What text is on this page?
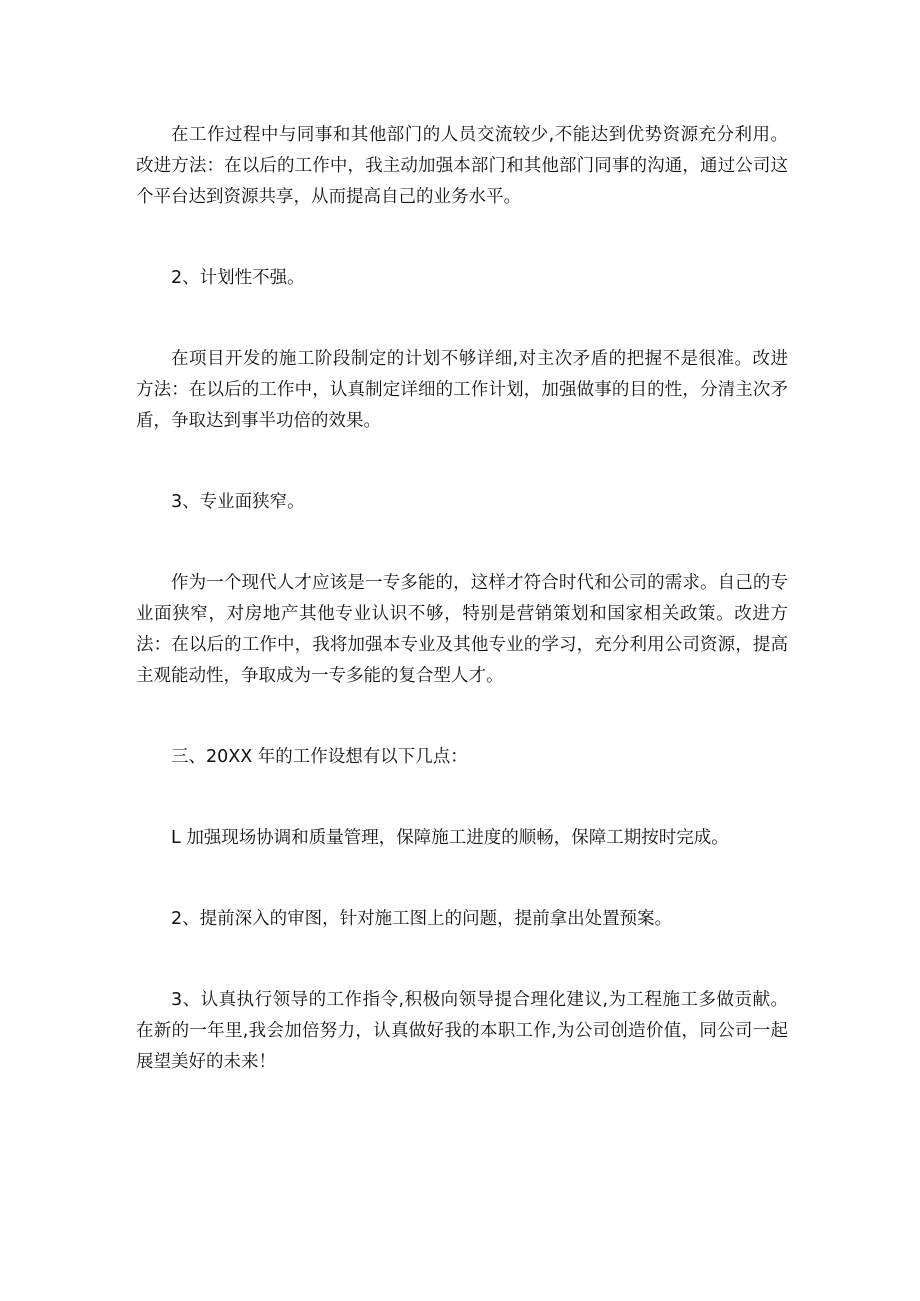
在工作过程中与同事和其他部门的人员交流较少,不能达到优势资源充分利用。改进方法：在以后的工作中，我主动加强本部门和其他部门同事的沟通，通过公司这个平台达到资源共享，从而提高自己的业务水平。

2、计划性不强。

在项目开发的施工阶段制定的计划不够详细,对主次矛盾的把握不是很准。改进方法：在以后的工作中，认真制定详细的工作计划，加强做事的目的性，分清主次矛盾，争取达到事半功倍的效果。

3、专业面狭窄。

作为一个现代人才应该是一专多能的，这样才符合时代和公司的需求。自己的专业面狭窄，对房地产其他专业认识不够，特别是营销策划和国家相关政策。改进方法：在以后的工作中，我将加强本专业及其他专业的学习，充分利用公司资源，提高主观能动性，争取成为一专多能的复合型人才。

三、20XX 年的工作设想有以下几点：

L 加强现场协调和质量管理，保障施工进度的顺畅，保障工期按时完成。

2、提前深入的审图，针对施工图上的问题，提前拿出处置预案。

3、认真执行领导的工作指令,积极向领导提合理化建议,为工程施工多做贡献。在新的一年里,我会加倍努力，认真做好我的本职工作,为公司创造价值，同公司一起展望美好的未来！
